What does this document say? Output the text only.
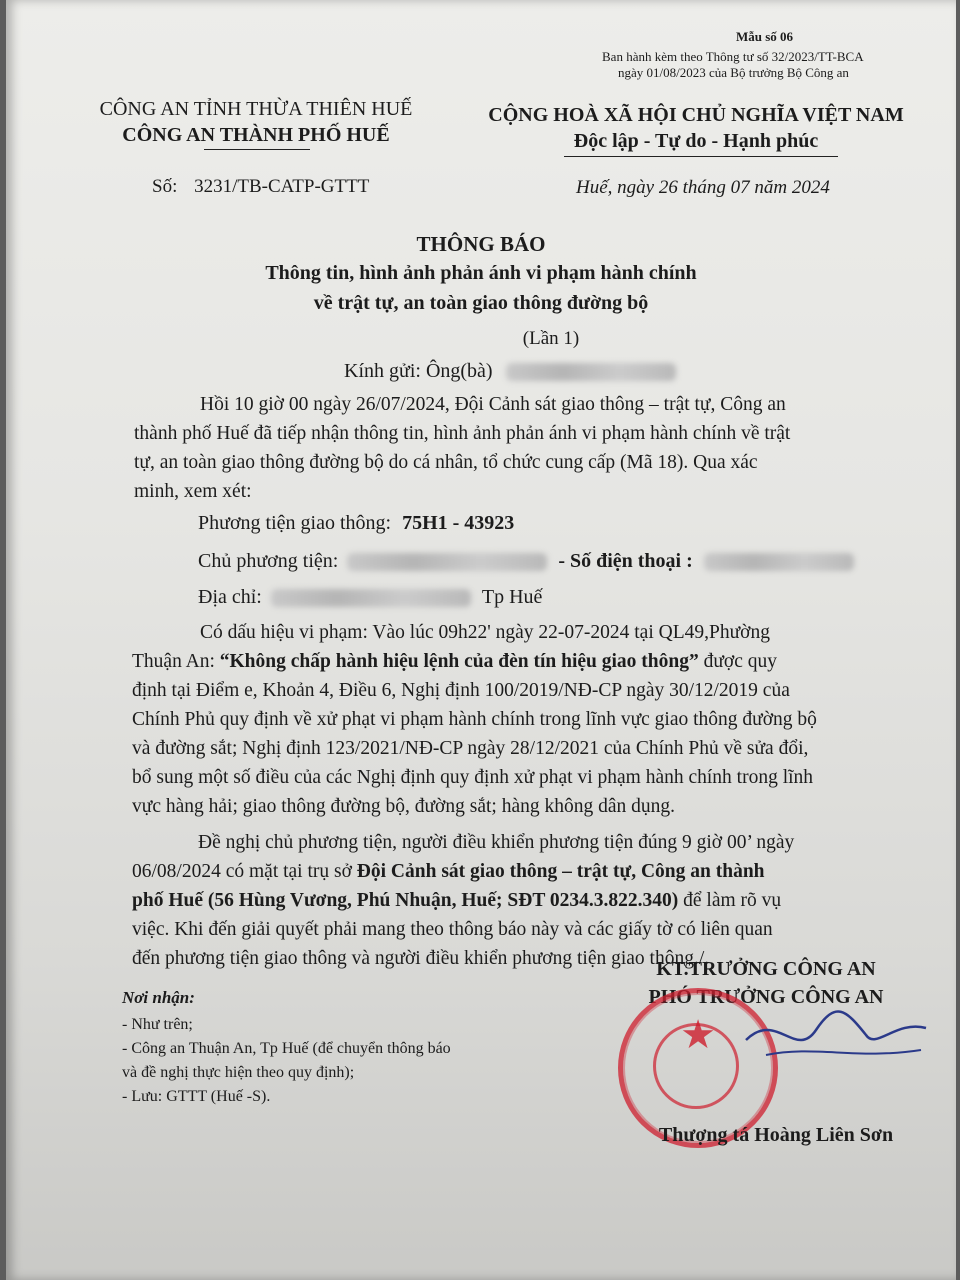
Mẫu số 06
Ban hành kèm theo Thông tư số 32/2023/TT-BCA
ngày 01/08/2023 của Bộ trưởng Bộ Công an
CÔNG AN TỈNH THỪA THIÊN HUẾ
CÔNG AN THÀNH PHỐ HUẾ
Số: 3231/TB-CATP-GTTT
CỘNG HOÀ XÃ HỘI CHỦ NGHĨA VIỆT NAM
Độc lập - Tự do - Hạnh phúc
Huế, ngày 26 tháng 07 năm 2024
THÔNG BÁO
Thông tin, hình ảnh phản ánh vi phạm hành chính
về trật tự, an toàn giao thông đường bộ
(Lần 1)
Kính gửi: Ông(bà)
Hồi 10 giờ 00 ngày 26/07/2024, Đội Cảnh sát giao thông – trật tự, Công an
thành phố Huế đã tiếp nhận thông tin, hình ảnh phản ánh vi phạm hành chính về trật
tự, an toàn giao thông đường bộ do cá nhân, tổ chức cung cấp (Mã 18). Qua xác
minh, xem xét:
Phương tiện giao thông: 75H1 - 43923
Chủ phương tiện:	- Số điện thoại :
Địa chỉ:	Tp Huế
Có dấu hiệu vi phạm: Vào lúc 09h22' ngày 22-07-2024 tại QL49,Phường
Thuận An: “Không chấp hành hiệu lệnh của đèn tín hiệu giao thông” được quy
định tại Điểm e, Khoản 4, Điều 6, Nghị định 100/2019/NĐ-CP ngày 30/12/2019 của
Chính Phủ quy định về xử phạt vi phạm hành chính trong lĩnh vực giao thông đường bộ
và đường sắt; Nghị định 123/2021/NĐ-CP ngày 28/12/2021 của Chính Phủ về sửa đổi,
bổ sung một số điều của các Nghị định quy định xử phạt vi phạm hành chính trong lĩnh
vực hàng hải; giao thông đường bộ, đường sắt; hàng không dân dụng.
Đề nghị chủ phương tiện, người điều khiển phương tiện đúng 9 giờ 00’ ngày
06/08/2024 có mặt tại trụ sở Đội Cảnh sát giao thông – trật tự, Công an thành
phố Huế (56 Hùng Vương, Phú Nhuận, Huế; SĐT 0234.3.822.340) để làm rõ vụ
việc. Khi đến giải quyết phải mang theo thông báo này và các giấy tờ có liên quan
đến phương tiện giao thông và người điều khiển phương tiện giao thông./.
Nơi nhận:
- Như trên;
- Công an Thuận An, Tp Huế (để chuyển thông báo
và đề nghị thực hiện theo quy định);
- Lưu: GTTT (Huế -S).
KT.TRƯỞNG CÔNG AN
PHÓ TRƯỞNG CÔNG AN
★
Thượng tá Hoàng Liên Sơn
